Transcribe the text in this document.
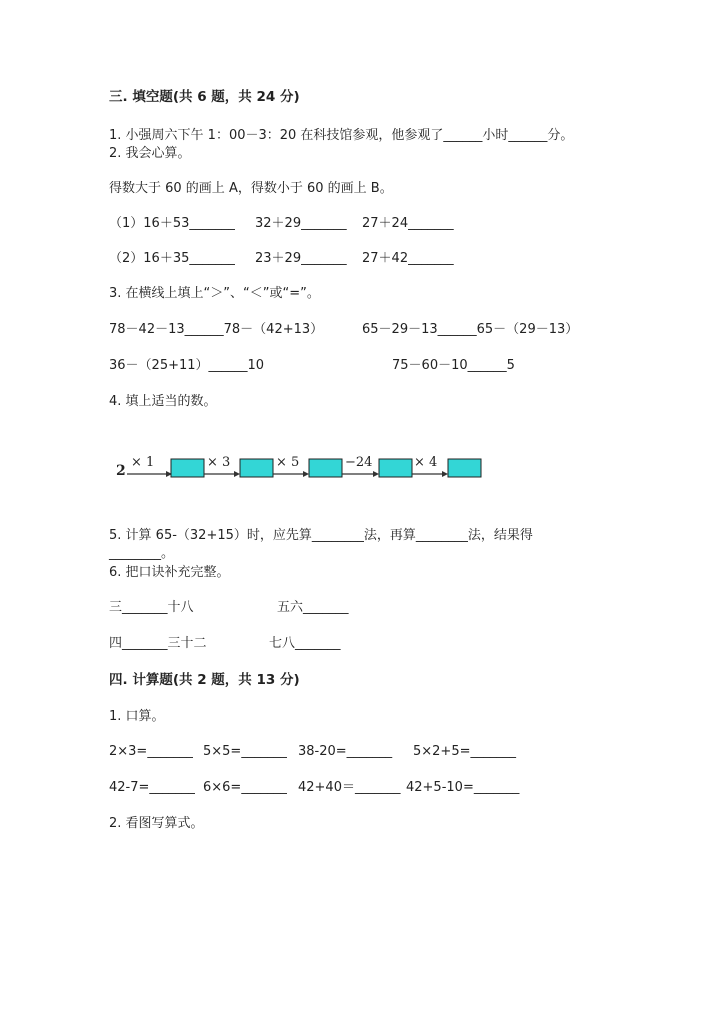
三. 填空题(共 6 题，共 24 分)
1. 小强周六下午 1：00－3：20 在科技馆参观，他参观了______小时______分。
2. 我会心算。
得数大于 60 的画上 A，得数小于 60 的画上 B。
（1）16＋53_______ 32＋29_______ 27＋24_______
（2）16＋35_______ 23＋29_______ 27＋42_______
3. 在横线上填上“＞”、“＜”或“=”。
78－42－13______78－（42+13）	65－29－13______65－（29－13）
36－（25+11）______10	75－60－10______5
4. 填上适当的数。
2
× 1	× 3	× 5	−24	× 4
5. 计算 65-（32+15）时，应先算________法，再算________法，结果得
________。
6. 把口诀补充完整。
三_______十八	五六_______
四_______三十二	七八_______
四. 计算题(共 2 题，共 13 分)
1. 口算。
2×3=_______ 5×5=_______ 38-20=_______ 5×2+5=_______
42-7=_______ 6×6=_______ 42+40＝_______ 42+5-10=_______
2. 看图写算式。
